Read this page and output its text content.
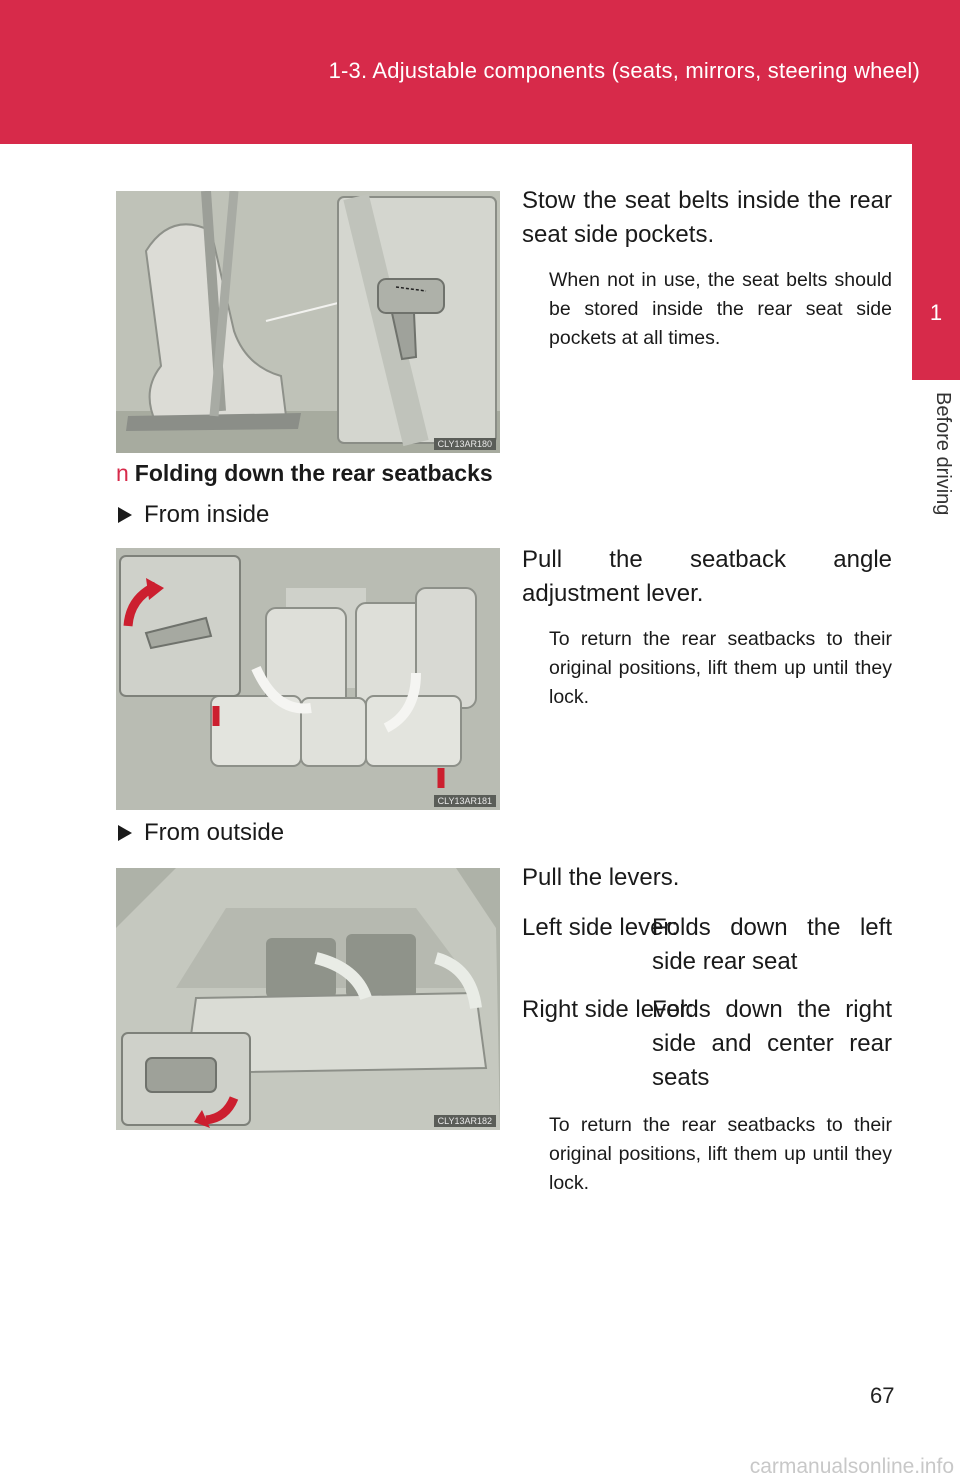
1-3. Adjustable components (seats, mirrors, steering wheel)
1
Before driving
CLY13AR180
Stow the seat belts inside the rear seat side pockets.
When not in use, the seat belts should be stored inside the rear seat side pockets at all times.
n Folding down the rear seatbacks
From inside
CLY13AR181
Pull the seatback angle adjustment lever.
To return the rear seatbacks to their original positions, lift them up until they lock.
From outside
CLY13AR182
Pull the levers.
Left side lever:
Folds down the left side rear seat
Right side lever:
Folds down the right side and center rear seats
To return the rear seatbacks to their original positions, lift them up until they lock.
67
carmanualsonline.info
